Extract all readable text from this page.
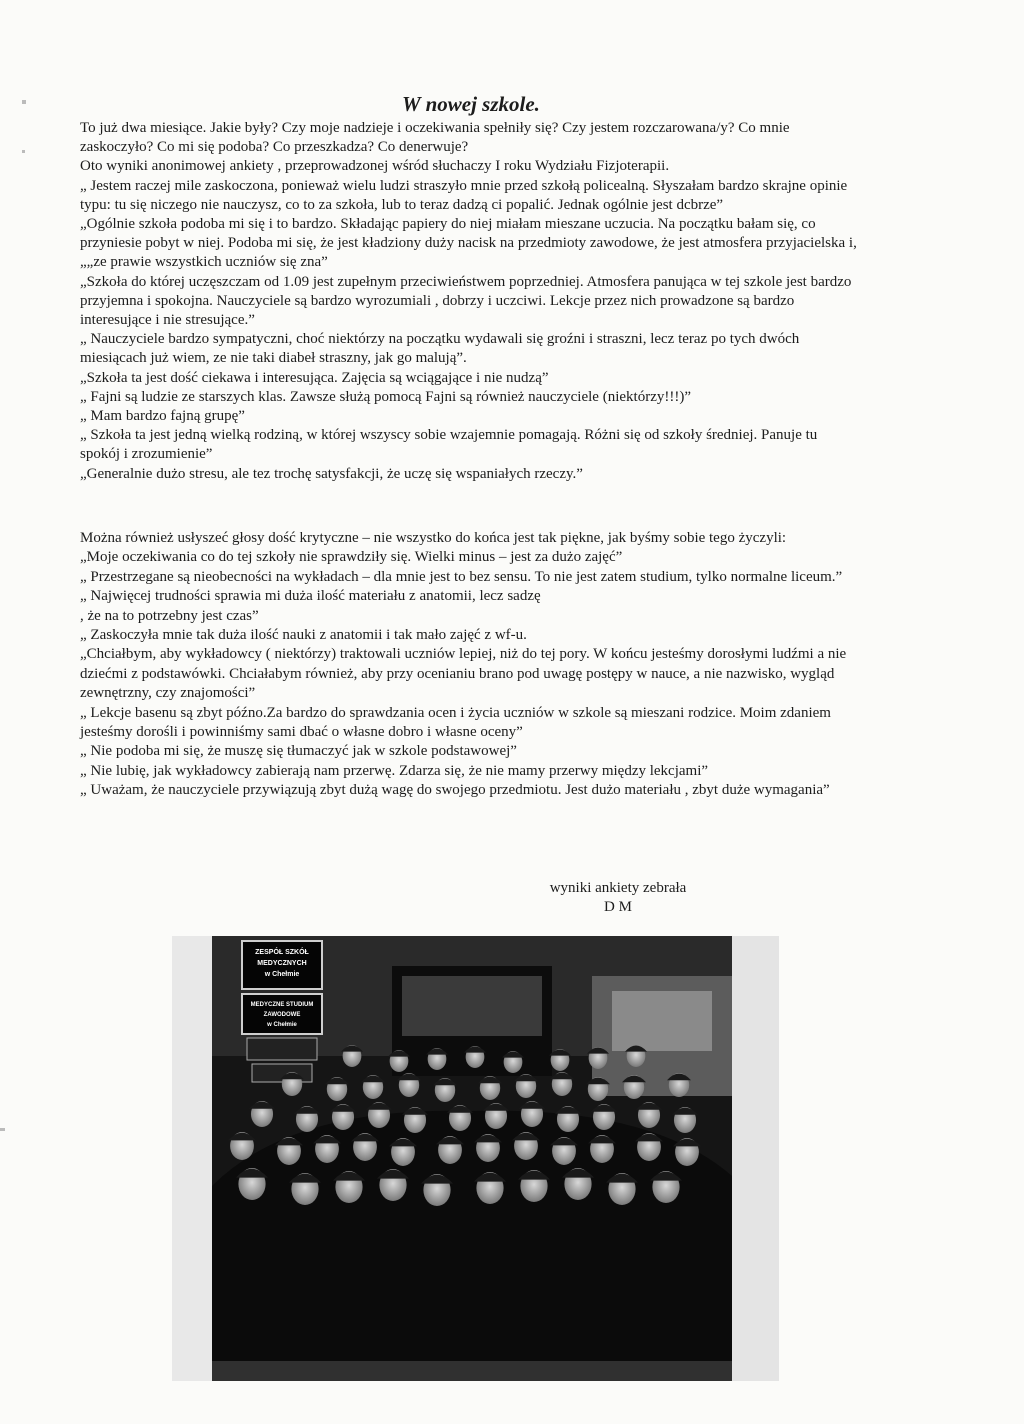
W nowej szkole.

To już dwa miesiące. Jakie były? Czy moje nadzieje i oczekiwania spełniły się? Czy jestem rozczarowana/y? Co mnie zaskoczyło? Co mi się podoba? Co przeszkadza? Co denerwuje?

Oto wyniki anonimowej ankiety , przeprowadzonej wśród słuchaczy I roku Wydziału Fizjoterapii.

„ Jestem raczej mile zaskoczona, ponieważ wielu ludzi straszyło mnie przed szkołą policealną. Słyszałam bardzo skrajne opinie typu: tu się niczego nie nauczysz, co to za szkoła, lub to teraz dadzą ci popalić. Jednak ogólnie jest dcbrze”

„Ogólnie szkoła podoba mi się i to bardzo. Składając papiery do niej miałam mieszane uczucia. Na początku bałam się, co przyniesie pobyt w niej. Podoba mi się, że jest kładziony duży nacisk na przedmioty zawodowe, że jest atmosfera przyjacielska i, „„ze prawie wszystkich uczniów się zna”

„Szkoła do której uczęszczam od 1.09 jest zupełnym przeciwieństwem poprzedniej. Atmosfera panująca w tej szkole jest bardzo przyjemna i spokojna. Nauczyciele są bardzo wyrozumiali , dobrzy i uczciwi. Lekcje przez nich prowadzone są bardzo interesujące i nie stresujące.”

„ Nauczyciele bardzo sympatyczni, choć niektórzy na początku wydawali się groźni i straszni, lecz teraz po tych dwóch miesiącach już wiem, ze nie taki diabeł straszny, jak go malują”.

„Szkoła ta jest dość ciekawa i interesująca. Zajęcia są wciągające i nie nudzą”

„ Fajni są ludzie ze starszych klas. Zawsze służą pomocą Fajni są również nauczyciele (niektórzy!!!)”

„ Mam bardzo fajną grupę”

„ Szkoła ta jest jedną wielką rodziną, w której wszyscy sobie wzajemnie pomagają. Różni się od szkoły średniej. Panuje tu spokój i zrozumienie”

„Generalnie dużo stresu, ale tez trochę satysfakcji, że uczę się wspaniałych rzeczy.”

Można również usłyszeć głosy dość krytyczne – nie wszystko do końca jest tak piękne, jak byśmy sobie tego życzyli:

„Moje oczekiwania co do tej szkoły nie sprawdziły się. Wielki minus – jest za dużo zajęć”

„ Przestrzegane są nieobecności na wykładach – dla mnie jest to bez sensu. To nie jest zatem studium, tylko normalne liceum.”

„ Najwięcej trudności sprawia mi duża ilość materiału z anatomii, lecz sadzę

, że na to potrzebny jest czas”

„ Zaskoczyła mnie tak duża ilość nauki z anatomii i tak mało zajęć z wf-u.

„Chciałbym, aby wykładowcy ( niektórzy) traktowali uczniów lepiej, niż do tej pory. W końcu jesteśmy dorosłymi ludźmi a nie dziećmi z podstawówki. Chciałabym również, aby przy ocenianiu brano pod uwagę postępy w nauce, a nie nazwisko, wygląd zewnętrzny, czy znajomości”

„ Lekcje basenu są zbyt późno.Za bardzo do sprawdzania ocen i życia uczniów w szkole są mieszani rodzice. Moim zdaniem jesteśmy dorośli i powinniśmy sami dbać o własne dobro i własne oceny”

„ Nie podoba mi się, że muszę się tłumaczyć jak w szkole podstawowej”

„ Nie lubię, jak wykładowcy zabierają nam przerwę. Zdarza się, że nie mamy przerwy między lekcjami”

„ Uważam, że nauczyciele przywiązują zbyt dużą wagę do swojego przedmiotu. Jest dużo materiału , zbyt duże wymagania”

wyniki ankiety zebrała
D M
ZESPÓŁ SZKÓŁ
MEDYCZNYCH
w Chełmie
MEDYCZNE STUDIUM
ZAWODOWE
w Chełmie
